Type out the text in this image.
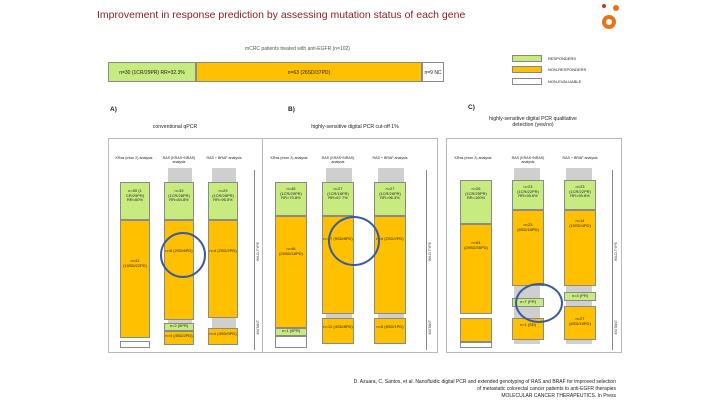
Improvement in response prediction by assessing mutation status of each gene
mCRC patients treated with anti-EGFR (n=102)
n=30 (1CR/29PR) RR=32.3%	n=63 (26SD/37PD)	n=9 NC
RESPONDERS
NON-RESPONDERS
NON-EVALUABLE
A)
conventional qPCR
KRas (exon 2) analysis	RAS (KRAS+NRAS) analysis
RAS + BRAF analysis
n=50 (1 CR/29PR) RR=60%
n=33 (1CR/28PR) RR=84.8%
n=29 (1CR/28PR) RR=96.5%
n=41 (19SD/22PD)
n=8 (2SD/6PD)	n=4 (2SD/2PD)
n=2 (0PR)
n=4 (4SD/2PD)	n=4 (4SD/0PD)
WILD-TYPE
MUTANT
B)
highly-sensitive digital PCR cut-off 1%
KRas (exon 2) analysis	RAS (KRAS+NRAS) analysis
RAS + BRAF analysis
n=45 (1CR/29PR) RR=70.8%
n=27 (1CR/16PR) RR=67.7%
n=27 (1CR/26PR) RR=96.3%
n=46 (26SD/18PD)
n=17 (9SD/8PD)	n=4 (2SD/2PD)
n=1 (0PR)
n=12 (4SD/8PD)	n=8 (8SD/1PD)
WILD-TYPE
MUTANT
C)
highly-sensitive digital PCR qualitative detection (yes/no)
KRas (exon 2) analysis	RAS (KRAS+NRAS) analysis
RAS + BRAF analysis
n=26 (1CR/25PR) RR=100%
n=23 (1CR/22PR) RR=95.6%
n=23 (1CR/22PR) RR=95.6%
n=64 (29SD/35PD)
n=23 (8SD/15PD)
n=14 (10SD/4PD)
n=7 (PR)
n=4 (PR)
n=1 (SD)
n=27 (8SD/19PD)
WILD-TYPE
MUTANT
D. Azuara, C. Santos, et al. Nanofluidic digital PCR and extended genotyping of RAS and BRAF for improved selection
of metastatic colorectal cancer patients to anti-EGFR therapies
MOLECULAR CANCER THERAPEUTICS. In Press
